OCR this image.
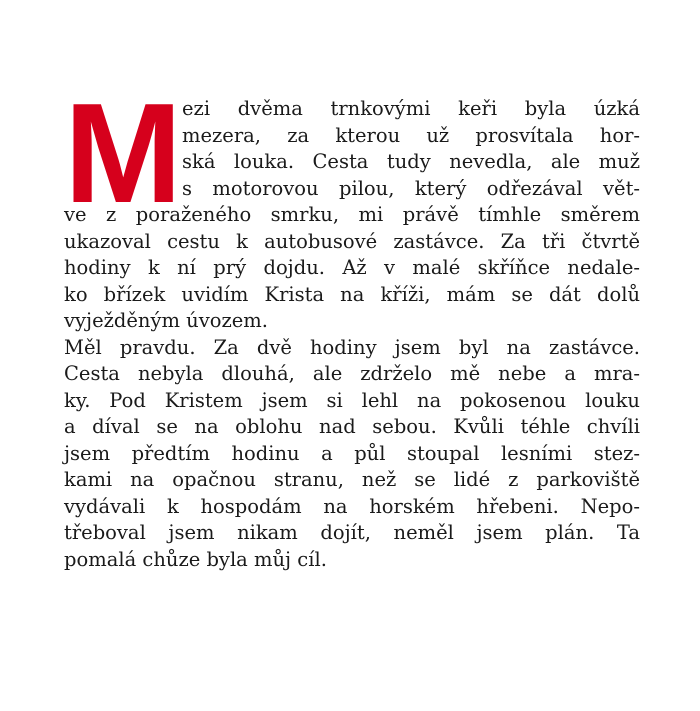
M ezi dvěma trnkovými keři byla úzká
mezera, za kterou už prosvítala hor-
ská louka. Cesta tudy nevedla, ale muž
s motorovou pilou, který odřezával vět-
ve z poraženého smrku, mi právě tímhle směrem
ukazoval cestu k autobusové zastávce. Za tři čtvrtě
hodiny k ní prý dojdu. Až v malé skříňce nedale-
ko břízek uvidím Krista na kříži, mám se dát dolů
vyježděným úvozem.
Měl pravdu. Za dvě hodiny jsem byl na zastávce.
Cesta nebyla dlouhá, ale zdrželo mě nebe a mra-
ky. Pod Kristem jsem si lehl na pokosenou louku
a díval se na oblohu nad sebou. Kvůli téhle chvíli
jsem předtím hodinu a půl stoupal lesními stez-
kami na opačnou stranu, než se lidé z parkoviště
vydávali k hospodám na horském hřebeni. Nepo-
třeboval jsem nikam dojít, neměl jsem plán. Ta
pomalá chůze byla můj cíl.
